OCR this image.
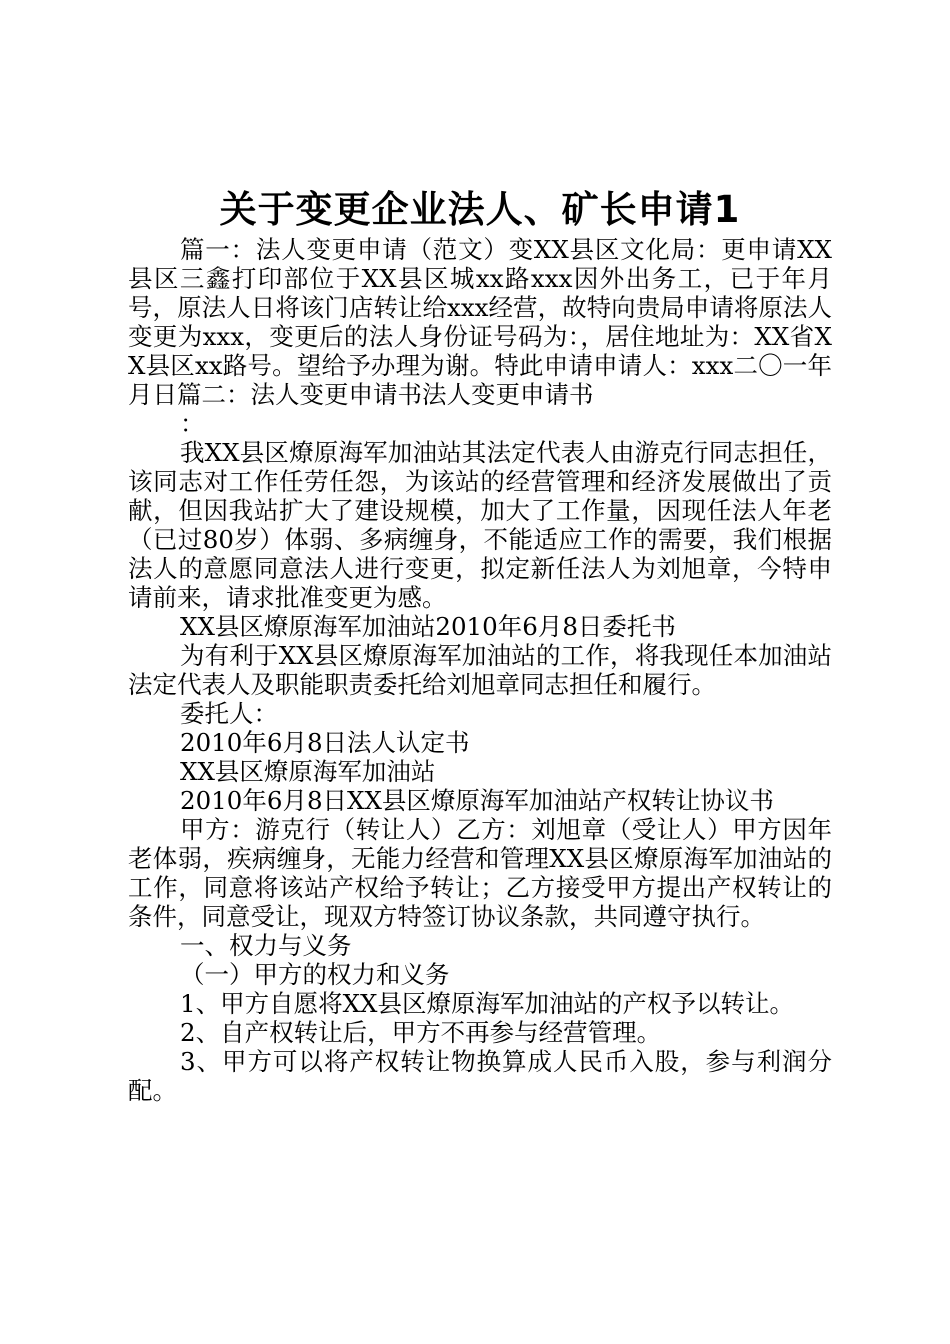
关于变更企业法人、矿长申请1

篇一：法人变更申请（范文）变XX县区文化局：更申请XX县区三鑫打印部位于XX县区城xx路xxx因外出务工，已于年月号，原法人日将该门店转让给xxx经营，故特向贵局申请将原法人变更为xxx，变更后的法人身份证号码为：，居住地址为：XX省XX县区xx路号。望给予办理为谢。特此申请申请人：xxx二〇一年月日篇二：法人变更申请书法人变更申请书

：

我XX县区燎原海军加油站其法定代表人由游克行同志担任，该同志对工作任劳任怨，为该站的经营管理和经济发展做出了贡献，但因我站扩大了建设规模，加大了工作量，因现任法人年老（已过80岁）体弱、多病缠身，不能适应工作的需要，我们根据法人的意愿同意法人进行变更，拟定新任法人为刘旭章，今特申请前来，请求批准变更为感。

XX县区燎原海军加油站2010年6月8日委托书

为有利于XX县区燎原海军加油站的工作，将我现任本加油站法定代表人及职能职责委托给刘旭章同志担任和履行。

委托人：

2010年6月8日法人认定书

XX县区燎原海军加油站

2010年6月8日XX县区燎原海军加油站产权转让协议书

甲方：游克行（转让人）乙方：刘旭章（受让人）甲方因年老体弱，疾病缠身，无能力经营和管理XX县区燎原海军加油站的工作，同意将该站产权给予转让；乙方接受甲方提出产权转让的条件，同意受让，现双方特签订协议条款，共同遵守执行。

一、权力与义务

（一）甲方的权力和义务

1、甲方自愿将XX县区燎原海军加油站的产权予以转让。

2、自产权转让后，甲方不再参与经营管理。

3、甲方可以将产权转让物换算成人民币入股，参与利润分配。
